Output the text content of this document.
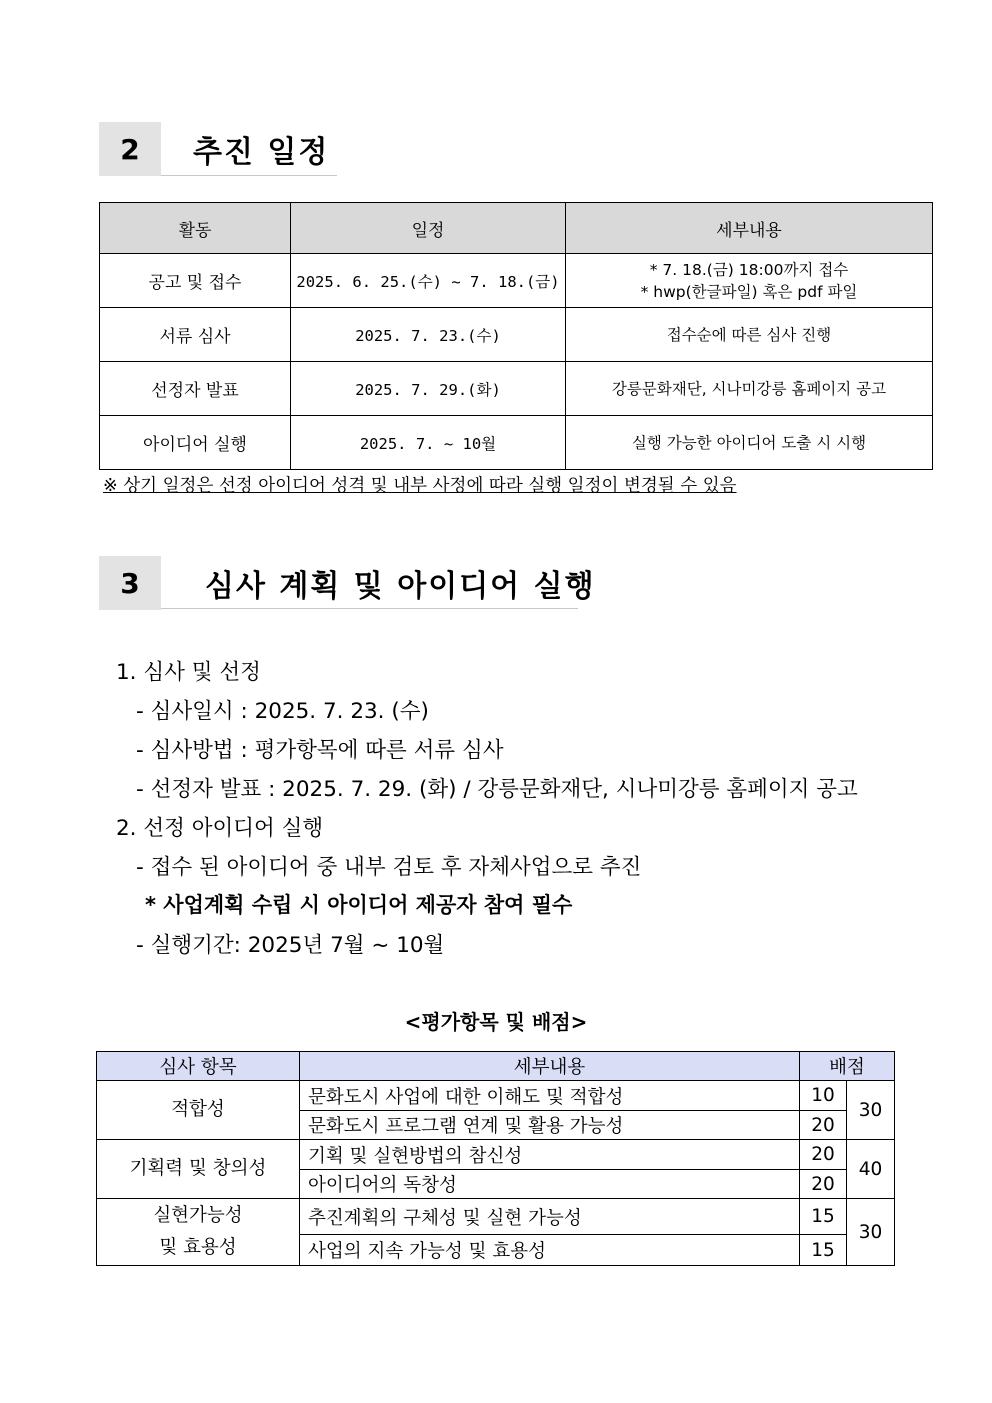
2	추진 일정
활동	일정	세부내용
공고 및 접수	2025. 6. 25.(수) ~ 7. 18.(금)	* 7. 18.(금) 18:00까지 접수
* hwp(한글파일) 혹은 pdf 파일

서류 심사	2025. 7. 23.(수)	접수순에 따른 심사 진행
선정자 발표	2025. 7. 29.(화)	강릉문화재단, 시나미강릉 홈페이지 공고
아이디어 실행	2025. 7. ~ 10월	실행 가능한 아이디어 도출 시 시행
※ 상기 일정은 선정 아이디어 성격 및 내부 사정에 따라 실행 일정이 변경될 수 있음
3	심사 계획 및 아이디어 실행
1. 심사 및 선정
- 심사일시 : 2025. 7. 23. (수)
- 심사방법 : 평가항목에 따른 서류 심사
- 선정자 발표 : 2025. 7. 29. (화) / 강릉문화재단, 시나미강릉 홈페이지 공고
2. 선정 아이디어 실행
- 접수 된 아이디어 중 내부 검토 후 자체사업으로 추진
* 사업계획 수립 시 아이디어 제공자 참여 필수
- 실행기간: 2025년 7월 ~ 10월
<평가항목 및 배점>
심사 항목	세부내용	배점	
적합성	문화도시 사업에 대한 이해도 및 적합성	10	30
	문화도시 프로그램 연계 및 활용 가능성	20	
기획력 및 창의성	기획 및 실현방법의 참신성	20	40
	아이디어의 독창성	20	

실현가능성
및 효용성	추진계획의 구체성 및 실현 가능성	15	30
	사업의 지속 가능성 및 효용성	15	
